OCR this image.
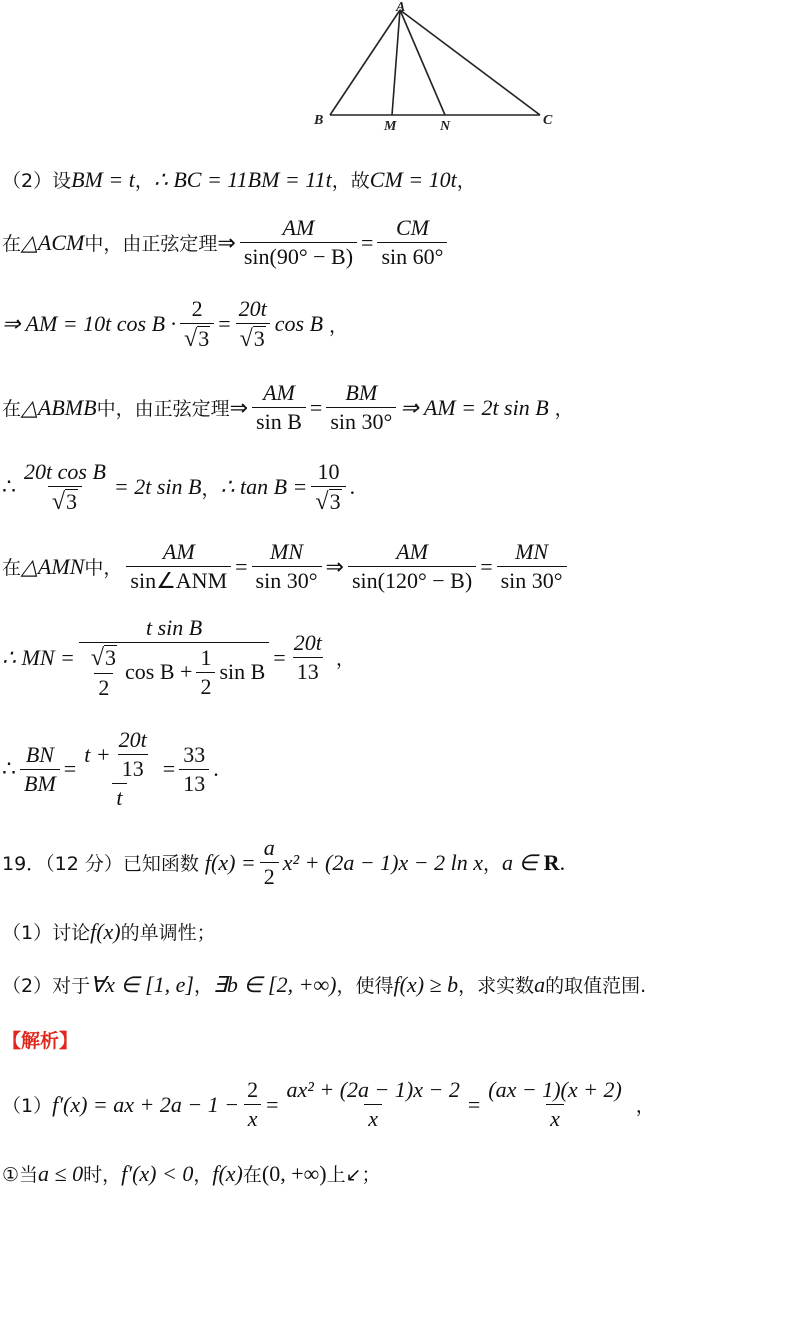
A
B	M	N	C
（2）设 BM = t ， ∴ BC = 11BM = 11t ，故 CM = 10t ，
在 △ACM 中，由正弦定理 ⇒ $\frac{AM}{\sin(90^\circ - B)} = \frac{CM}{\sin 60^\circ}$
⇒ AM = 10t $\cos B \cdot \frac{2}{√ 3} = \frac{20t}{√ 3}$ cos B ，
在 △ABMB 中，由正弦定理 ⇒ $\frac{AM}{\text{sin B}} = \frac{BM}{\sin 30^\circ}$ ⇒ AM = 2t sin B ，
∴ $\frac{\text{20t cos B}}{√ 3} = 2t$ sin B ， ∴ $\tan B = \frac{10}{√ 3}$ .
在 △AMN 中， $\frac{AM}{\text{sin∠ANM}} = \frac{MN}{\sin 30^\circ}$ ⇒ $\frac{AM}{\sin(120^\circ - B)} = \frac{MN}{\sin 30^\circ}$
∴ MN =
t sin B
$\frac{√ 3}{2}$ $\cos B + \frac{1}{2}$ sin B
= $\frac{20t}{13}$ ，
∴ $\frac{BN}{BM} = \frac{t + \frac{20t}{13}}{t} = \frac{33}{13}$ .
19．（12 分）已知函数 $f(x) = \frac{a}{2} x^2 + (2a - 1)x - 2$ ln x ， a ∈ R .
（1）讨论 f(x) 的单调性；
（2）对于 ∀x ∈ [1, e] ， ∃b ∈ [2, +∞) ，使得 f(x) ≥ b ，求实数 a 的取值范围.
【解析】
（1） f′(x) = ax + $2a - 1 - \frac{2}{x} = \frac{\text{ax² + (2a − 1)x − 2}}{x} = \frac{(ax - 1)(x + 2)}{x}$ ，
①当 a ≤ 0 时， f′(x) < 0 ， f(x) 在 (0, +∞) 上↙；
